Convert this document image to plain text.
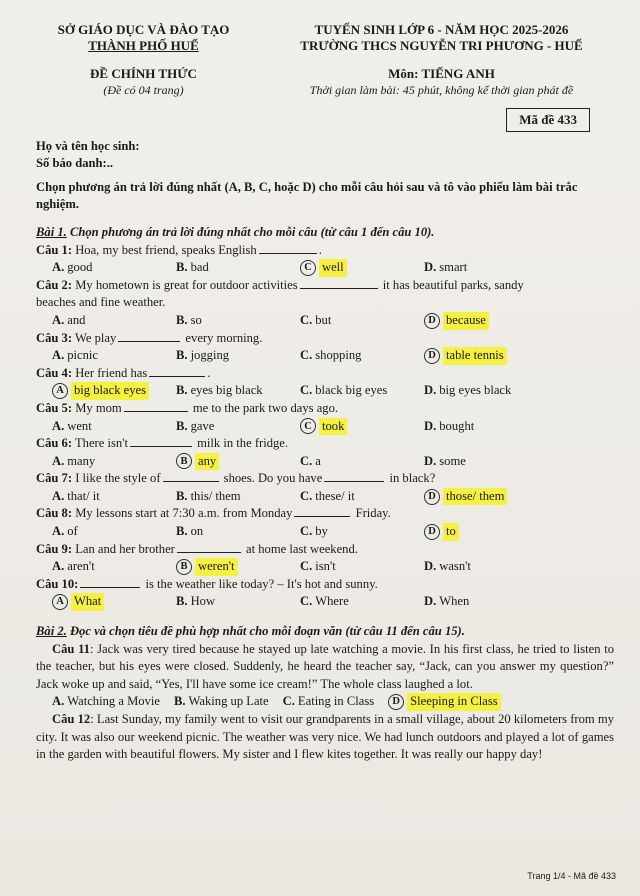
SỞ GIÁO DỤC VÀ ĐÀO TẠO
THÀNH PHỐ HUẾ
TUYỂN SINH LỚP 6 - NĂM HỌC 2025-2026
TRƯỜNG THCS NGUYỄN TRI PHƯƠNG - HUẾ
ĐỀ CHÍNH THỨC
(Đề có 04 trang)
Môn: TIẾNG ANH
Thời gian làm bài: 45 phút, không kể thời gian phát đề
Mã đề 433
Họ và tên học sinh:
Số báo danh:..
Chọn phương án trả lời đúng nhất (A, B, C, hoặc D) cho mỗi câu hỏi sau và tô vào phiếu làm bài trắc nghiệm.
Bài 1. Chọn phương án trả lời đúng nhất cho mỗi câu (từ câu 1 đến câu 10).
Câu 1: Hoa, my best friend, speaks English	.
A. good	B. bad	C well	D. smart
Câu 2: My hometown is great for outdoor activities	it has beautiful parks, sandy
beaches and fine weather.
A. and	B. so	C. but	D because
Câu 3: We play	every morning.
A. picnic	B. jogging	C. shopping	D table tennis
Câu 4: Her friend has	.
A big black eyes B. eyes big black	C. black big eyes	D. big eyes black
Câu 5: My mom	me to the park two days ago.
A. went	B. gave	C took	D. bought
Câu 6: There isn't	milk in the fridge.
A. many	B any	C. a	D. some
Câu 7: I like the style of	shoes. Do you have	in black?
A. that/ it	B. this/ them	C. these/ it	D those/ them
Câu 8: My lessons start at 7:30 a.m. from Monday	Friday.
A. of	B. on	C. by	D to
Câu 9: Lan and her brother	at home last weekend.
A. aren't	B weren't	C. isn't	D. wasn't
Câu 10:	is the weather like today? – It's hot and sunny.
A What	B. How	C. Where	D. When
Bài 2. Đọc và chọn tiêu đề phù hợp nhất cho mỗi đoạn văn (từ câu 11 đến câu 15).
Câu 11: Jack was very tired because he stayed up late watching a movie. In his first class, he tried to listen to the teacher, but his eyes were closed. Suddenly, he heard the teacher say, “Jack, can you answer my question?” Jack woke up and said, “Yes, I'll have some ice cream!” The whole class laughed a lot.
A. Watching a Movie B. Waking up Late C. Eating in Class	D Sleeping in Class
Câu 12: Last Sunday, my family went to visit our grandparents in a small village, about 20 kilometers from my city. It was also our weekend picnic. The weather was very nice. We had lunch outdoors and played a lot of games in the garden with beautiful flowers. My sister and I flew kites together. It was really our happy day!
Trang 1/4 - Mã đề 433
